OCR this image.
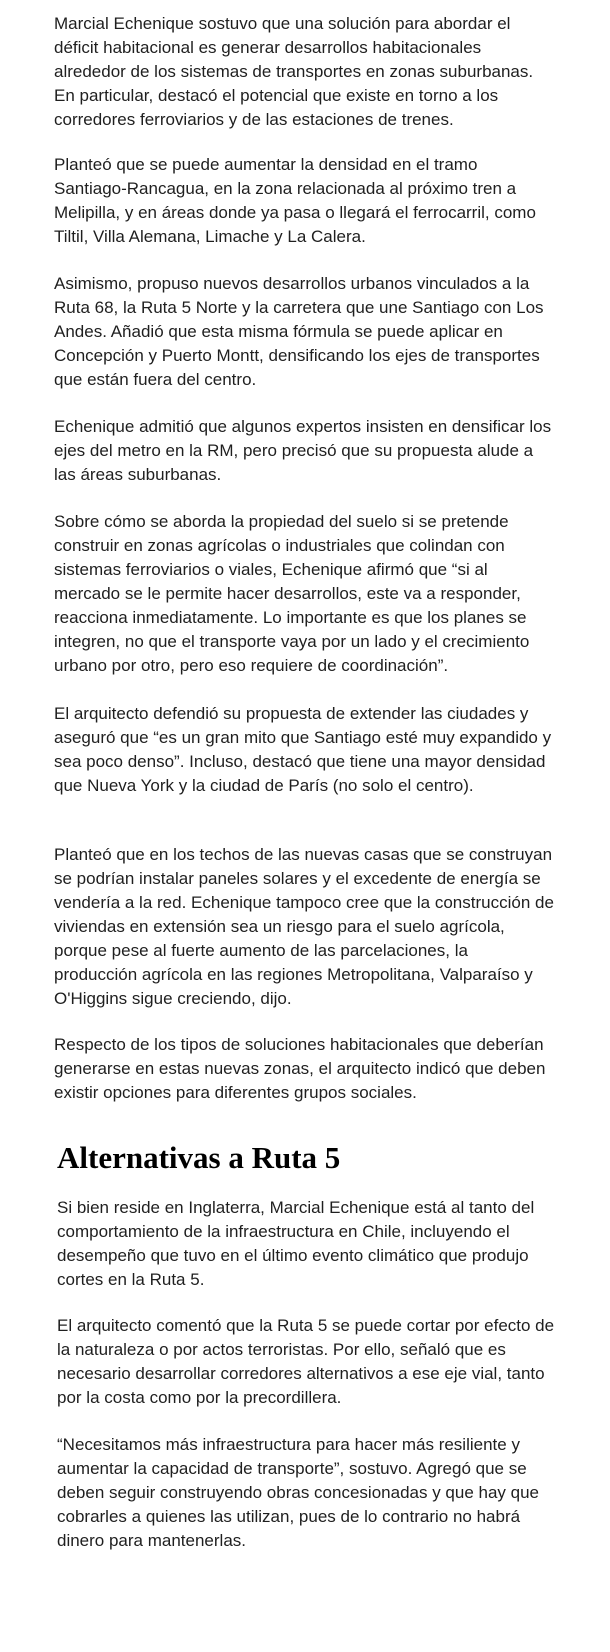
Marcial Echenique sostuvo que una solución para abordar el déficit habitacional es generar desarrollos habitacionales alrededor de los sistemas de transportes en zonas suburbanas. En particular, destacó el potencial que existe en torno a los corredores ferroviarios y de las estaciones de trenes.

Planteó que se puede aumentar la densidad en el tramo Santiago-Rancagua, en la zona relacionada al próximo tren a Melipilla, y en áreas donde ya pasa o llegará el ferrocarril, como Tiltil, Villa Alemana, Limache y La Calera.

Asimismo, propuso nuevos desarrollos urbanos vinculados a la Ruta 68, la Ruta 5 Norte y la carretera que une Santiago con Los Andes. Añadió que esta misma fórmula se puede aplicar en Concepción y Puerto Montt, densificando los ejes de transportes que están fuera del centro.

Echenique admitió que algunos expertos insisten en densificar los ejes del metro en la RM, pero precisó que su propuesta alude a las áreas suburbanas.

Sobre cómo se aborda la propiedad del suelo si se pretende construir en zonas agrícolas o industriales que colindan con sistemas ferroviarios o viales, Echenique afirmó que “si al mercado se le permite hacer desarrollos, este va a responder, reacciona inmediatamente. Lo importante es que los planes se integren, no que el transporte vaya por un lado y el crecimiento urbano por otro, pero eso requiere de coordinación”.

El arquitecto defendió su propuesta de extender las ciudades y aseguró que “es un gran mito que Santiago esté muy expandido y sea poco denso”. Incluso, destacó que tiene una mayor densidad que Nueva York y la ciudad de París (no solo el centro).

Planteó que en los techos de las nuevas casas que se construyan se podrían instalar paneles solares y el excedente de energía se vendería a la red. Echenique tampoco cree que la construcción de viviendas en extensión sea un riesgo para el suelo agrícola, porque pese al fuerte aumento de las parcelaciones, la producción agrícola en las regiones Metropolitana, Valparaíso y O'Higgins sigue creciendo, dijo.

Respecto de los tipos de soluciones habitacionales que deberían generarse en estas nuevas zonas, el arquitecto indicó que deben existir opciones para diferentes grupos sociales.

Alternativas a Ruta 5

Si bien reside en Inglaterra, Marcial Echenique está al tanto del comportamiento de la infraestructura en Chile, incluyendo el desempeño que tuvo en el último evento climático que produjo cortes en la Ruta 5.

El arquitecto comentó que la Ruta 5 se puede cortar por efecto de la naturaleza o por actos terroristas. Por ello, señaló que es necesario desarrollar corredores alternativos a ese eje vial, tanto por la costa como por la precordillera.

“Necesitamos más infraestructura para hacer más resiliente y aumentar la capacidad de transporte”, sostuvo. Agregó que se deben seguir construyendo obras concesionadas y que hay que cobrarles a quienes las utilizan, pues de lo contrario no habrá dinero para mantenerlas.
